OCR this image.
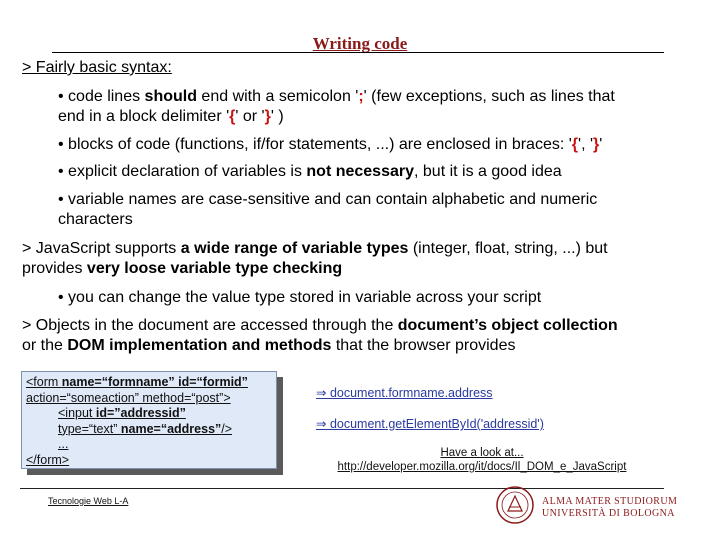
Writing code
> Fairly basic syntax:
• code lines should end with a semicolon ';' (few exceptions, such as lines that
end in a block delimiter '{' or '}' )
• blocks of code (functions, if/for statements, ...) are enclosed in braces: '{', '}'
• explicit declaration of variables is not necessary, but it is a good idea
• variable names are case-sensitive and can contain alphabetic and numeric
characters
> JavaScript supports a wide range of variable types (integer, float, string, ...) but
provides very loose variable type checking
• you can change the value type stored in variable across your script
> Objects in the document are accessed through the document’s object collection
or the DOM implementation and methods that the browser provides
<form name=“formname” id=“formid”
action=“someaction” method=“post”>
<input id=”addressid”
type=“text” name=“address”/>
...
</form>
⇒ document.formname.address
⇒ document.getElementById('addressid')
Have a look at...
http://developer.mozilla.org/it/docs/Il_DOM_e_JavaScript
Tecnologie Web L-A	ALMA MATER STUDIORUM
UNIVERSITÀ DI BOLOGNA
